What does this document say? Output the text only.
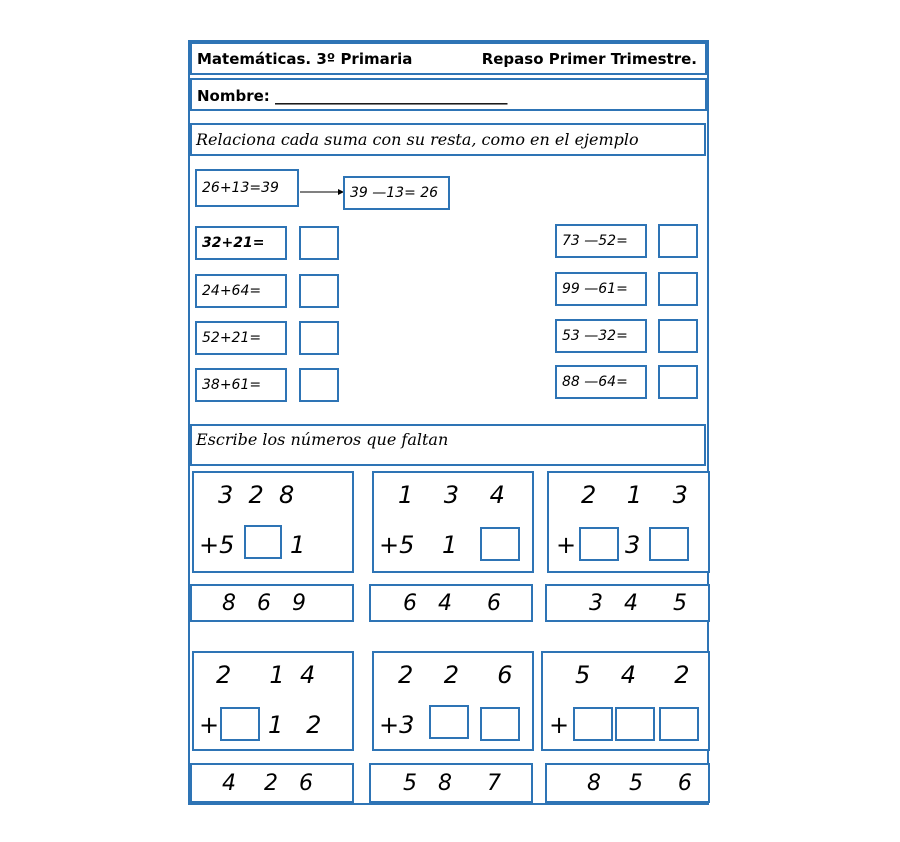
Matemáticas. 3º Primaria	Repaso Primer Trimestre.
Nombre: _______________________________
Relaciona cada suma con su resta, como en el ejemplo
26+13=39	39 —13= 26
32+21=
24+64=
52+21=
38+61=
73 —52=
99 —61=
53 —32=
88 —64=
Escribe los números que faltan
3  2  8
+5 1
1    3    4
+5 1
2    1    3
+ 3
8   6   9	6   4     6	3   4     5
2     1  4
+ 1   2
2    2     6
+3
5    4     2
+
4    2   6	5   8     7	8    5     6
